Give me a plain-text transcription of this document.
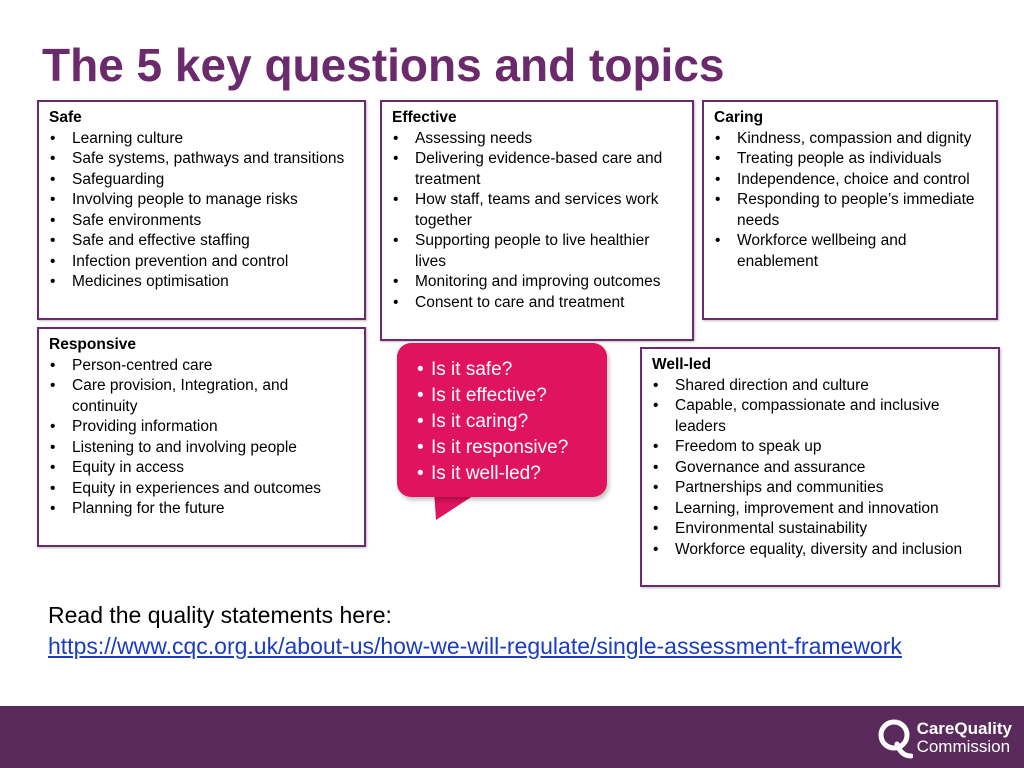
The 5 key questions and topics
Safe
• Learning culture
• Safe systems, pathways and transitions
• Safeguarding
• Involving people to manage risks
• Safe environments
• Safe and effective staffing
• Infection prevention and control
• Medicines optimisation
Effective
• Assessing needs
• Delivering evidence-based care and treatment
• How staff, teams and services work together
• Supporting people to live healthier lives
• Monitoring and improving outcomes
• Consent to care and treatment
Caring
• Kindness, compassion and dignity
• Treating people as individuals
• Independence, choice and control
• Responding to people’s immediate needs
• Workforce wellbeing and enablement
Responsive
• Person-centred care
• Care provision, Integration, and continuity
• Providing information
• Listening to and involving people
• Equity in access
• Equity in experiences and outcomes
• Planning for the future
Well-led
• Shared direction and culture
• Capable, compassionate and inclusive leaders
• Freedom to speak up
• Governance and assurance
• Partnerships and communities
• Learning, improvement and innovation
• Environmental sustainability
• Workforce equality, diversity and inclusion
• Is it safe?
• Is it effective?
• Is it caring?
• Is it responsive?
• Is it well-led?
Read the quality statements here:
https://www.cqc.org.uk/about-us/how-we-will-regulate/single-assessment-framework
CareQuality
Commission
